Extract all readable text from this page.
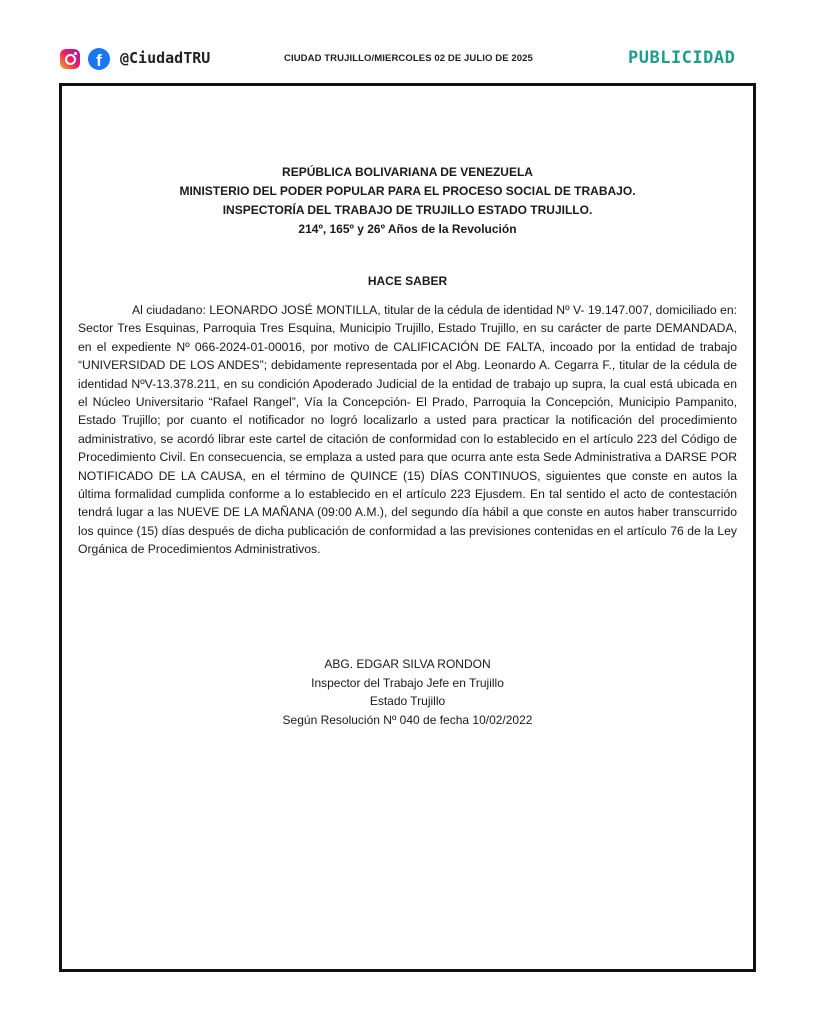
f	@CiudadTRU	CIUDAD TRUJILLO/MIERCOLES 02 DE JULIO DE 2025	PUBLICIDAD
REPÚBLICA BOLIVARIANA DE VENEZUELA
MINISTERIO DEL PODER POPULAR PARA EL PROCESO SOCIAL DE TRABAJO.
INSPECTORÍA DEL TRABAJO DE TRUJILLO ESTADO TRUJILLO.
214º, 165º y 26º Años de la Revolución
HACE SABER

Al ciudadano: LEONARDO JOSÉ MONTILLA, titular de la cédula de identidad Nº V- 19.147.007, domiciliado en: Sector Tres Esquinas, Parroquia Tres Esquina, Municipio Trujillo, Estado Trujillo, en su carácter de parte DEMANDADA, en el expediente Nº 066-2024-01-00016, por motivo de CALIFICACIÓN DE FALTA, incoado por la entidad de trabajo “UNIVERSIDAD DE LOS ANDES”; debidamente representada por el Abg. Leonardo A. Cegarra F., titular de la cédula de identidad NºV-13.378.211, en su condición Apoderado Judicial de la entidad de trabajo up supra, la cual está ubicada en el Núcleo Universitario “Rafael Rangel”, Vía la Concepción- El Prado, Parroquia la Concepción, Municipio Pampanito, Estado Trujillo; por cuanto el notificador no logró localizarlo a usted para practicar la notificación del procedimiento administrativo, se acordó librar este cartel de citación de conformidad con lo establecido en el artículo 223 del Código de Procedimiento Civil. En consecuencia, se emplaza a usted para que ocurra ante esta Sede Administrativa a DARSE POR NOTIFICADO DE LA CAUSA, en el término de QUINCE (15) DÍAS CONTINUOS, siguientes que conste en autos la última formalidad cumplida conforme a lo establecido en el artículo 223 Ejusdem. En tal sentido el acto de contestación tendrá lugar a las NUEVE DE LA MAÑANA (09:00 A.M.), del segundo día hábil a que conste en autos haber transcurrido los quince (15) días después de dicha publicación de conformidad a las previsiones contenidas en el artículo 76 de la Ley Orgánica de Procedimientos Administrativos.

ABG. EDGAR SILVA RONDON
Inspector del Trabajo Jefe en Trujillo
Estado Trujillo
Según Resolución Nº 040 de fecha 10/02/2022
